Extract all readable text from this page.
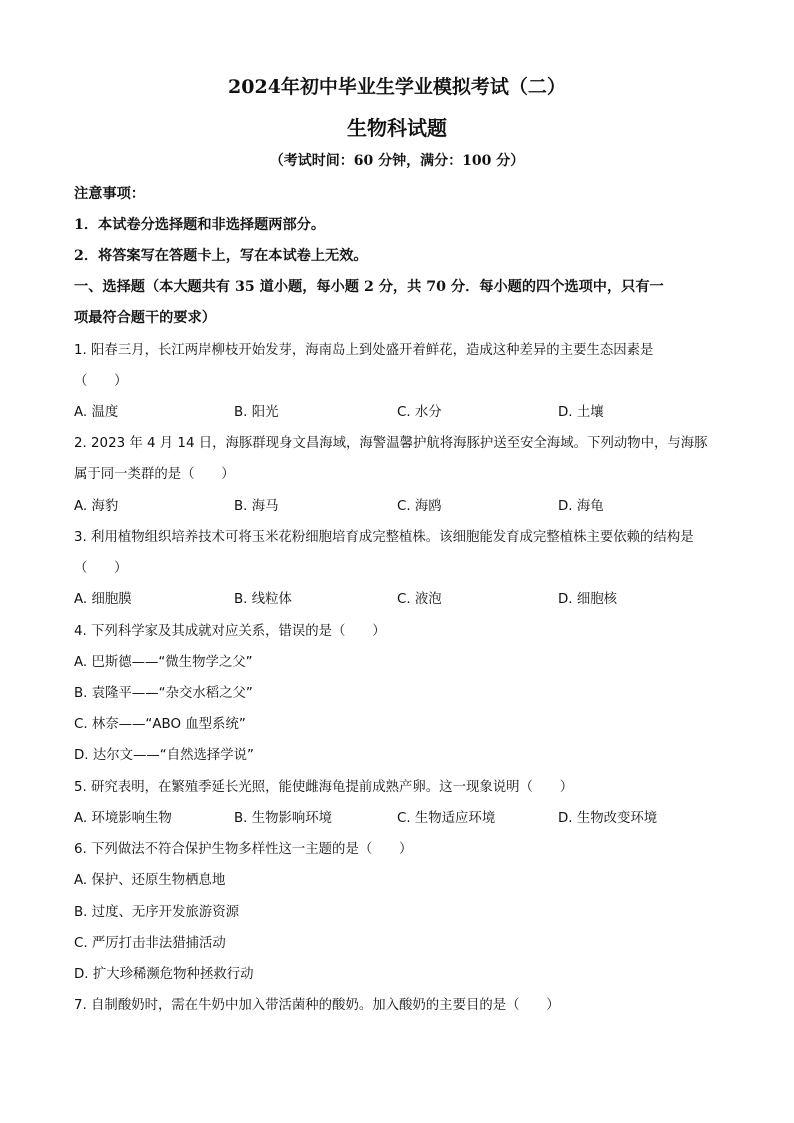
2024年初中毕业生学业模拟考试（二）
生物科试题
（考试时间：60 分钟，满分：100 分）
注意事项：
1．本试卷分选择题和非选择题两部分。
2．将答案写在答题卡上，写在本试卷上无效。
一、选择题（本大题共有 35 道小题，每小题 2 分，共 70 分．每小题的四个选项中，只有一
项最符合题干的要求）
1. 阳春三月，长江两岸柳枝开始发芽，海南岛上到处盛开着鲜花，造成这种差异的主要生态因素是
（　　）
A. 温度	B. 阳光	C. 水分	D. 土壤
2. 2023 年 4 月 14 日，海豚群现身文昌海域，海警温馨护航将海豚护送至安全海域。下列动物中，与海豚
属于同一类群的是（　　）
A. 海豹	B. 海马	C. 海鸥	D. 海龟
3. 利用植物组织培养技术可将玉米花粉细胞培育成完整植株。该细胞能发育成完整植株主要依赖的结构是
（　　）
A. 细胞膜	B. 线粒体	C. 液泡	D. 细胞核
4. 下列科学家及其成就对应关系，错误的是（　　）
A. 巴斯德——“微生物学之父”
B. 袁隆平——“杂交水稻之父”
C. 林奈——“ABO 血型系统”
D. 达尔文——“自然选择学说”
5. 研究表明，在繁殖季延长光照，能使雌海龟提前成熟产卵。这一现象说明（　　）
A. 环境影响生物	B. 生物影响环境	C. 生物适应环境	D. 生物改变环境
6. 下列做法不符合保护生物多样性这一主题的是（　　）
A. 保护、还原生物栖息地
B. 过度、无序开发旅游资源
C. 严厉打击非法猎捕活动
D. 扩大珍稀濒危物种拯救行动
7. 自制酸奶时，需在牛奶中加入带活菌种的酸奶。加入酸奶的主要目的是（　　）
